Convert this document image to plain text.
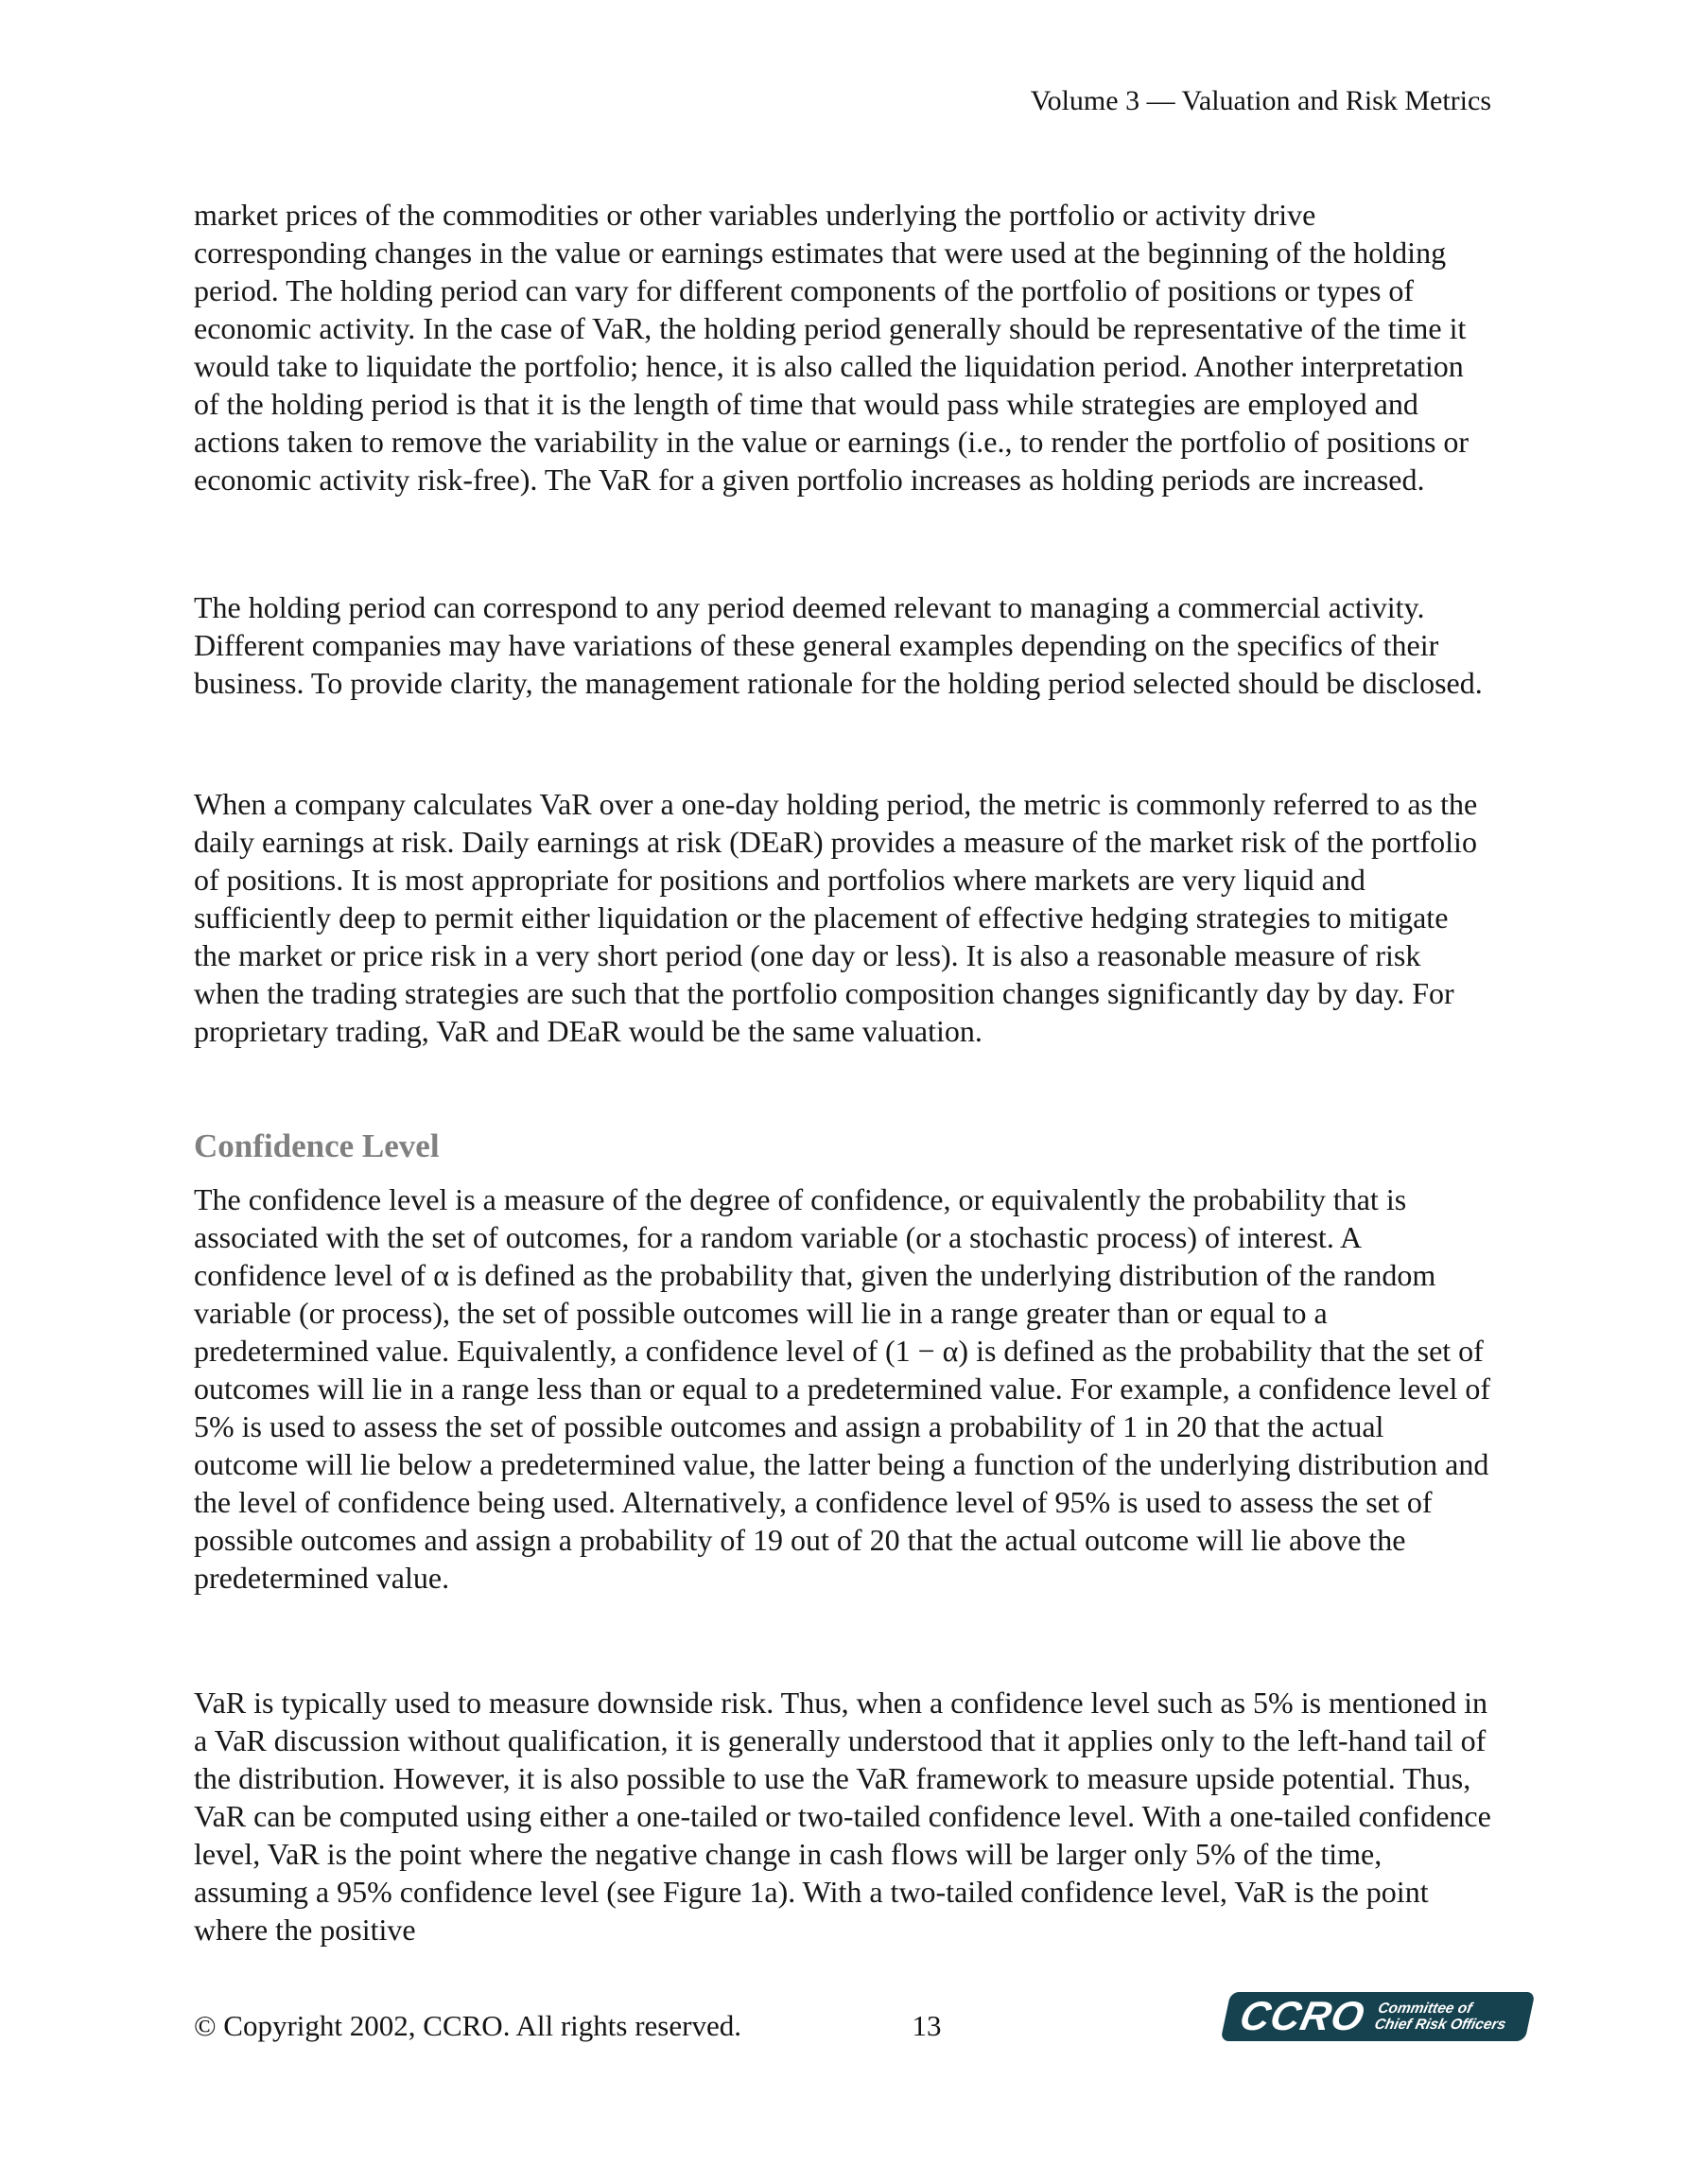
Volume 3 — Valuation and Risk Metrics

market prices of the commodities or other variables underlying the portfolio or activity drive corresponding changes in the value or earnings estimates that were used at the beginning of the holding period. The holding period can vary for different components of the portfolio of positions or types of economic activity. In the case of VaR, the holding period generally should be representative of the time it would take to liquidate the portfolio; hence, it is also called the liquidation period. Another interpretation of the holding period is that it is the length of time that would pass while strategies are employed and actions taken to remove the variability in the value or earnings (i.e., to render the portfolio of positions or economic activity risk-free). The VaR for a given portfolio increases as holding periods are increased.

The holding period can correspond to any period deemed relevant to managing a commercial activity. Different companies may have variations of these general examples depending on the specifics of their business. To provide clarity, the management rationale for the holding period selected should be disclosed.

When a company calculates VaR over a one-day holding period, the metric is commonly referred to as the daily earnings at risk. Daily earnings at risk (DEaR) provides a measure of the market risk of the portfolio of positions. It is most appropriate for positions and portfolios where markets are very liquid and sufficiently deep to permit either liquidation or the placement of effective hedging strategies to mitigate the market or price risk in a very short period (one day or less). It is also a reasonable measure of risk when the trading strategies are such that the portfolio composition changes significantly day by day. For proprietary trading, VaR and DEaR would be the same valuation.

Confidence Level

The confidence level is a measure of the degree of confidence, or equivalently the probability that is associated with the set of outcomes, for a random variable (or a stochastic process) of interest. A confidence level of α is defined as the probability that, given the underlying distribution of the random variable (or process), the set of possible outcomes will lie in a range greater than or equal to a predetermined value. Equivalently, a confidence level of (1 − α) is defined as the probability that the set of outcomes will lie in a range less than or equal to a predetermined value. For example, a confidence level of 5% is used to assess the set of possible outcomes and assign a probability of 1 in 20 that the actual outcome will lie below a predetermined value, the latter being a function of the underlying distribution and the level of confidence being used. Alternatively, a confidence level of 95% is used to assess the set of possible outcomes and assign a probability of 19 out of 20 that the actual outcome will lie above the predetermined value.

VaR is typically used to measure downside risk. Thus, when a confidence level such as 5% is mentioned in a VaR discussion without qualification, it is generally understood that it applies only to the left-hand tail of the distribution. However, it is also possible to use the VaR framework to measure upside potential. Thus, VaR can be computed using either a one-tailed or two-tailed confidence level. With a one-tailed confidence level, VaR is the point where the negative change in cash flows will be larger only 5% of the time, assuming a 95% confidence level (see Figure 1a). With a two-tailed confidence level, VaR is the point where the positive

© Copyright 2002, CCRO. All rights reserved.	13	CCRO Committee of
Chief Risk Officers
